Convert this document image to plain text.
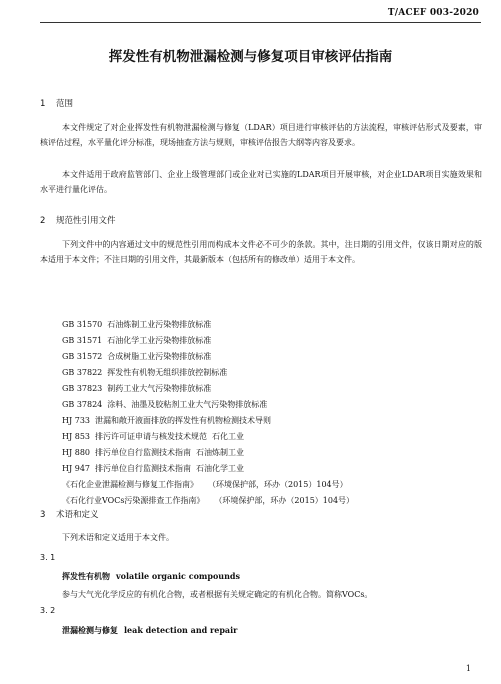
T/ACEF 003-2020
挥发性有机物泄漏检测与修复项目审核评估指南
1 范围
本文件规定了对企业挥发性有机物泄漏检测与修复（LDAR）项目进行审核评估的方法流程，审核评估形式及要素，审核评估过程，水平量化评分标准，现场抽查方法与规则，审核评估报告大纲等内容及要求。
本文件适用于政府监管部门、企业上级管理部门或企业对已实施的LDAR项目开展审核，对企业LDAR项目实施效果和水平进行量化评估。
2 规范性引用文件
下列文件中的内容通过文中的规范性引用而构成本文件必不可少的条款。其中，注日期的引用文件，仅该日期对应的版本适用于本文件；不注日期的引用文件，其最新版本（包括所有的修改单）适用于本文件。
GB 31570 石油炼制工业污染物排放标准
GB 31571 石油化学工业污染物排放标准
GB 31572 合成树脂工业污染物排放标准
GB 37822 挥发性有机物无组织排放控制标准
GB 37823 制药工业大气污染物排放标准
GB 37824 涂料、油墨及胶粘剂工业大气污染物排放标准
HJ 733 泄漏和敞开液面排放的挥发性有机物检测技术导则
HJ 853 排污许可证申请与核发技术规范 石化工业
HJ 880 排污单位自行监测技术指南 石油炼制工业
HJ 947 排污单位自行监测技术指南 石油化学工业
《石化企业泄漏检测与修复工作指南》 （环境保护部，环办（2015）104号）
《石化行业VOCs污染源排查工作指南》 （环境保护部，环办（2015）104号）
3 术语和定义
下列术语和定义适用于本文件。
3. 1
挥发性有机物 volatile organic compounds
参与大气光化学反应的有机化合物，或者根据有关规定确定的有机化合物。简称VOCs。
3. 2
泄漏检测与修复 leak detection and repair
1
